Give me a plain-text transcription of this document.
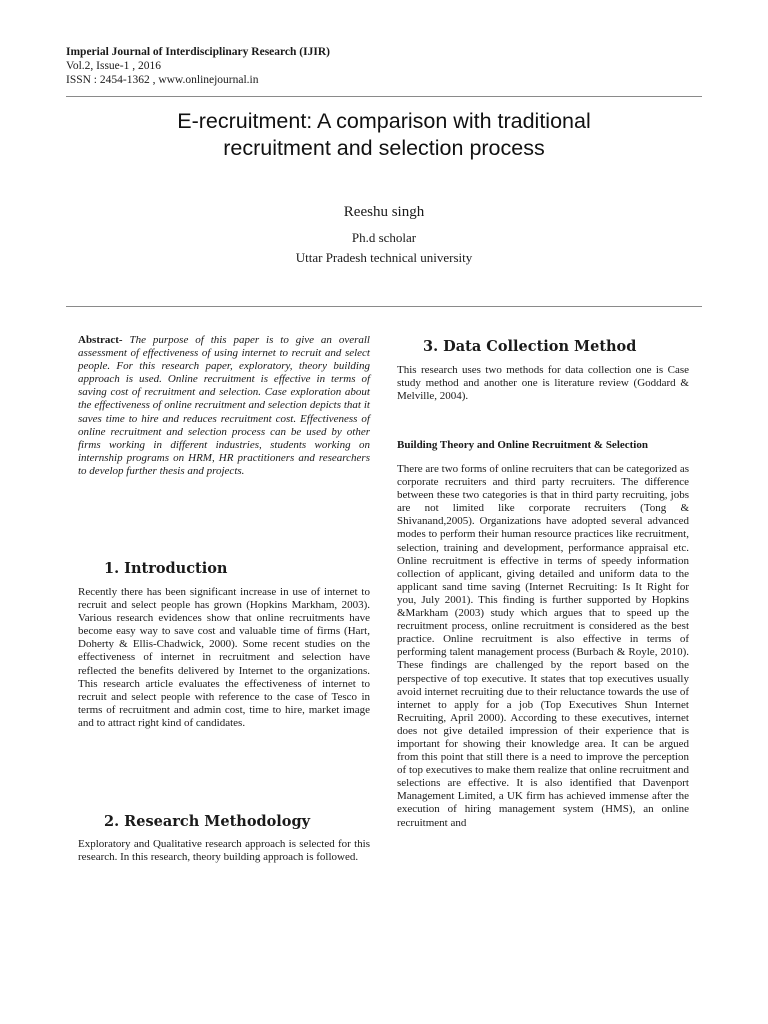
Imperial Journal of Interdisciplinary Research (IJIR)
Vol.2, Issue-1 , 2016
ISSN : 2454-1362 , www.onlinejournal.in
E-recruitment: A comparison with traditional
recruitment and selection process
Reeshu singh
Ph.d scholar
Uttar Pradesh technical university
Abstract- The purpose of this paper is to give an overall assessment of effectiveness of using internet to recruit and select people. For this research paper, exploratory, theory building approach is used. Online recruitment is effective in terms of saving cost of recruitment and selection. Case exploration about the effectiveness of online recruitment and selection depicts that it saves time to hire and reduces recruitment cost. Effectiveness of online recruitment and selection process can be used by other firms working in different industries, students working on internship programs on HRM, HR practitioners and researchers to develop further thesis and projects.
1. Introduction
Recently there has been significant increase in use of internet to recruit and select people has grown (Hopkins Markham, 2003). Various research evidences show that online recruitments have become easy way to save cost and valuable time of firms (Hart, Doherty & Ellis-Chadwick, 2000). Some recent studies on the effectiveness of internet in recruitment and selection have reflected the benefits delivered by Internet to the organizations. This research article evaluates the effectiveness of internet to recruit and select people with reference to the case of Tesco in terms of recruitment and admin cost, time to hire, market image and to attract right kind of candidates.
2. Research Methodology
Exploratory and Qualitative research approach is selected for this research. In this research, theory building approach is followed.
3. Data Collection Method
This research uses two methods for data collection one is Case study method and another one is literature review (Goddard & Melville, 2004).
Building Theory and Online Recruitment & Selection
There are two forms of online recruiters that can be categorized as corporate recruiters and third party recruiters. The difference between these two categories is that in third party recruiting, jobs are not limited like corporate recruiters (Tong & Shivanand,2005). Organizations have adopted several advanced modes to perform their human resource practices like recruitment, selection, training and development, performance appraisal etc. Online recruitment is effective in terms of speedy information collection of applicant, giving detailed and uniform data to the applicant sand time saving (Internet Recruiting: Is It Right for you, July 2001). This finding is further supported by Hopkins &Markham (2003) study which argues that to speed up the recruitment process, online recruitment is considered as the best practice. Online recruitment is also effective in terms of performing talent management process (Burbach & Royle, 2010). These findings are challenged by the report based on the perspective of top executive. It states that top executives usually avoid internet recruiting due to their reluctance towards the use of internet to apply for a job (Top Executives Shun Internet Recruiting, April 2000). According to these executives, internet does not give detailed impression of their experience that is important for showing their knowledge area. It can be argued from this point that still there is a need to improve the perception of top executives to make them realize that online recruitment and selections are effective. It is also identified that Davenport Management Limited, a UK firm has achieved immense after the execution of hiring management system (HMS), an online recruitment and
